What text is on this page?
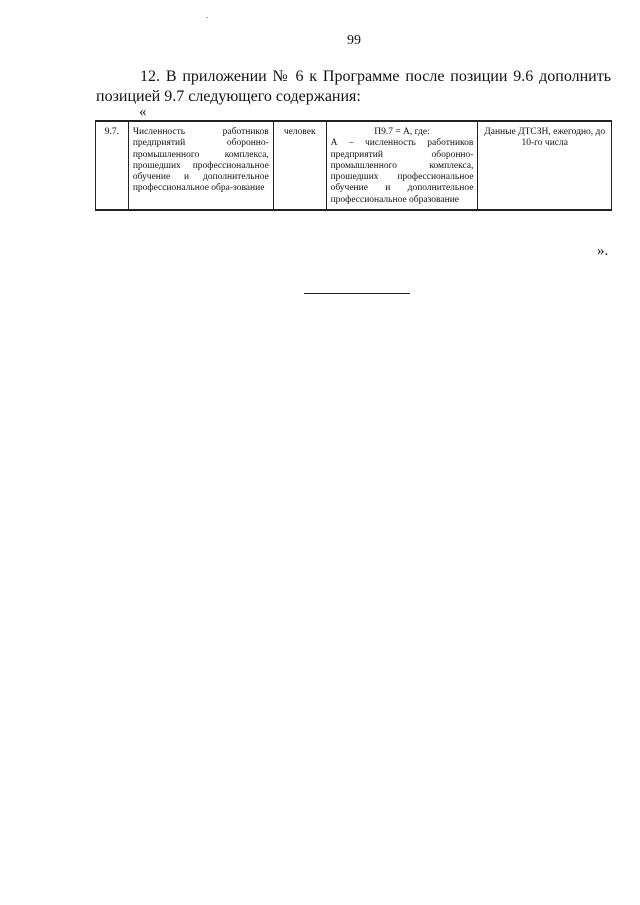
99
12. В приложении № 6 к Программе после позиции 9.6 дополнить
позицией 9.7 следующего содержания:
«
9.7.	Численность работников предприятий оборонно-промышленного комплекса, прошедших профессиональное обучение и дополнительное профессиональное обра-зование	человек	П9.7 = А, где:
А – численность работников предприятий оборонно-промышленного комплекса, прошедших профессиональное обучение и дополнительное профессиональное образование	Данные ДТСЗН, ежегодно, до 10-го числа
».
